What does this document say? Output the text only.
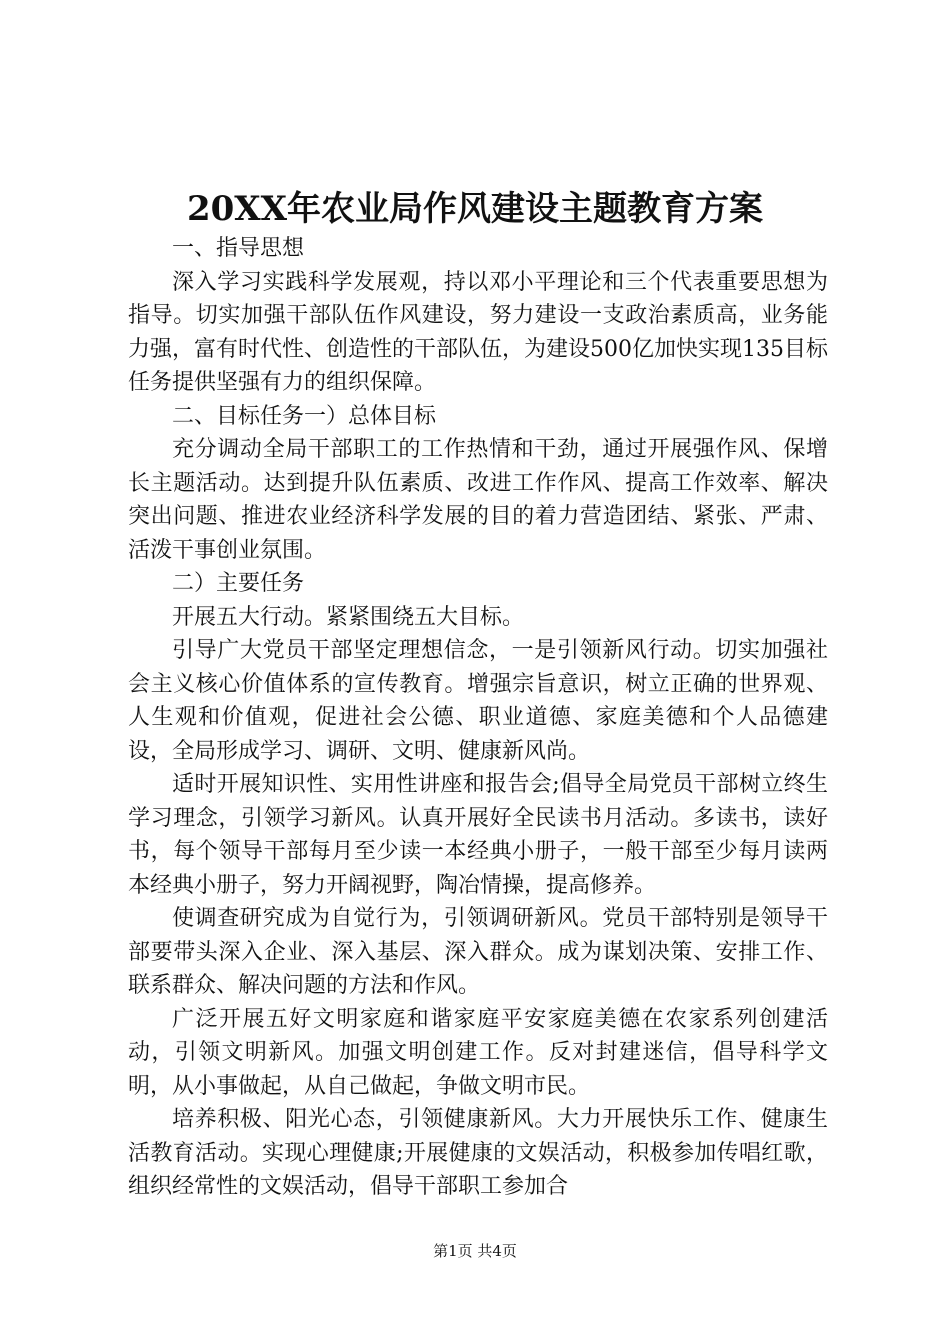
20XX年农业局作风建设主题教育方案

一、指导思想

深入学习实践科学发展观，持以邓小平理论和三个代表重要思想为指导。切实加强干部队伍作风建设，努力建设一支政治素质高，业务能力强，富有时代性、创造性的干部队伍，为建设500亿加快实现135目标任务提供坚强有力的组织保障。

二、目标任务一）总体目标

充分调动全局干部职工的工作热情和干劲，通过开展强作风、保增长主题活动。达到提升队伍素质、改进工作作风、提高工作效率、解决突出问题、推进农业经济科学发展的目的着力营造团结、紧张、严肃、活泼干事创业氛围。

二）主要任务

开展五大行动。紧紧围绕五大目标。

引导广大党员干部坚定理想信念，一是引领新风行动。切实加强社会主义核心价值体系的宣传教育。增强宗旨意识，树立正确的世界观、人生观和价值观，促进社会公德、职业道德、家庭美德和个人品德建设，全局形成学习、调研、文明、健康新风尚。

适时开展知识性、实用性讲座和报告会;倡导全局党员干部树立终生学习理念，引领学习新风。认真开展好全民读书月活动。多读书，读好书，每个领导干部每月至少读一本经典小册子，一般干部至少每月读两本经典小册子，努力开阔视野，陶冶情操，提高修养。

使调查研究成为自觉行为，引领调研新风。党员干部特别是领导干部要带头深入企业、深入基层、深入群众。成为谋划决策、安排工作、联系群众、解决问题的方法和作风。

广泛开展五好文明家庭和谐家庭平安家庭美德在农家系列创建活动，引领文明新风。加强文明创建工作。反对封建迷信，倡导科学文明，从小事做起，从自己做起，争做文明市民。

培养积极、阳光心态，引领健康新风。大力开展快乐工作、健康生活教育活动。实现心理健康;开展健康的文娱活动，积极参加传唱红歌，组织经常性的文娱活动，倡导干部职工参加合

第1页 共4页
